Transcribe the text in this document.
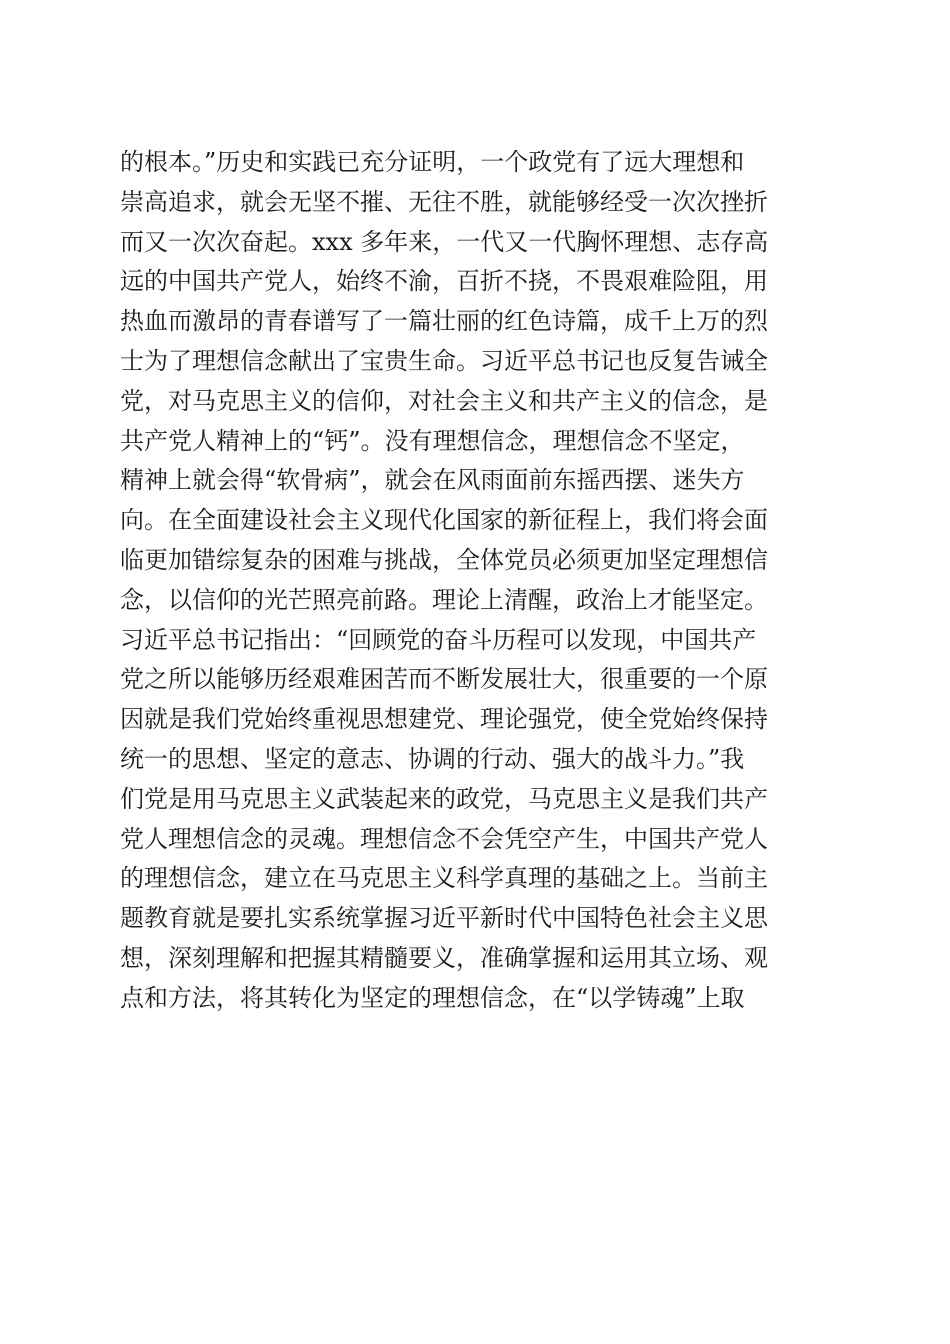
的根本。”历史和实践已充分证明，一个政党有了远大理想和
崇高追求，就会无坚不摧、无往不胜，就能够经受一次次挫折
而又一次次奋起。xxx 多年来，一代又一代胸怀理想、志存高
远的中国共产党人，始终不渝，百折不挠，不畏艰难险阻，用
热血而激昂的青春谱写了一篇壮丽的红色诗篇，成千上万的烈
士为了理想信念献出了宝贵生命。习近平总书记也反复告诫全
党，对马克思主义的信仰，对社会主义和共产主义的信念，是
共产党人精神上的“钙”。没有理想信念，理想信念不坚定，
精神上就会得“软骨病”，就会在风雨面前东摇西摆、迷失方
向。在全面建设社会主义现代化国家的新征程上，我们将会面
临更加错综复杂的困难与挑战，全体党员必须更加坚定理想信
念，以信仰的光芒照亮前路。理论上清醒，政治上才能坚定。
习近平总书记指出：“回顾党的奋斗历程可以发现，中国共产
党之所以能够历经艰难困苦而不断发展壮大，很重要的一个原
因就是我们党始终重视思想建党、理论强党，使全党始终保持
统一的思想、坚定的意志、协调的行动、强大的战斗力。”我
们党是用马克思主义武装起来的政党，马克思主义是我们共产
党人理想信念的灵魂。理想信念不会凭空产生，中国共产党人
的理想信念，建立在马克思主义科学真理的基础之上。当前主
题教育就是要扎实系统掌握习近平新时代中国特色社会主义思
想，深刻理解和把握其精髓要义，准确掌握和运用其立场、观
点和方法，将其转化为坚定的理想信念，在“以学铸魂”上取
